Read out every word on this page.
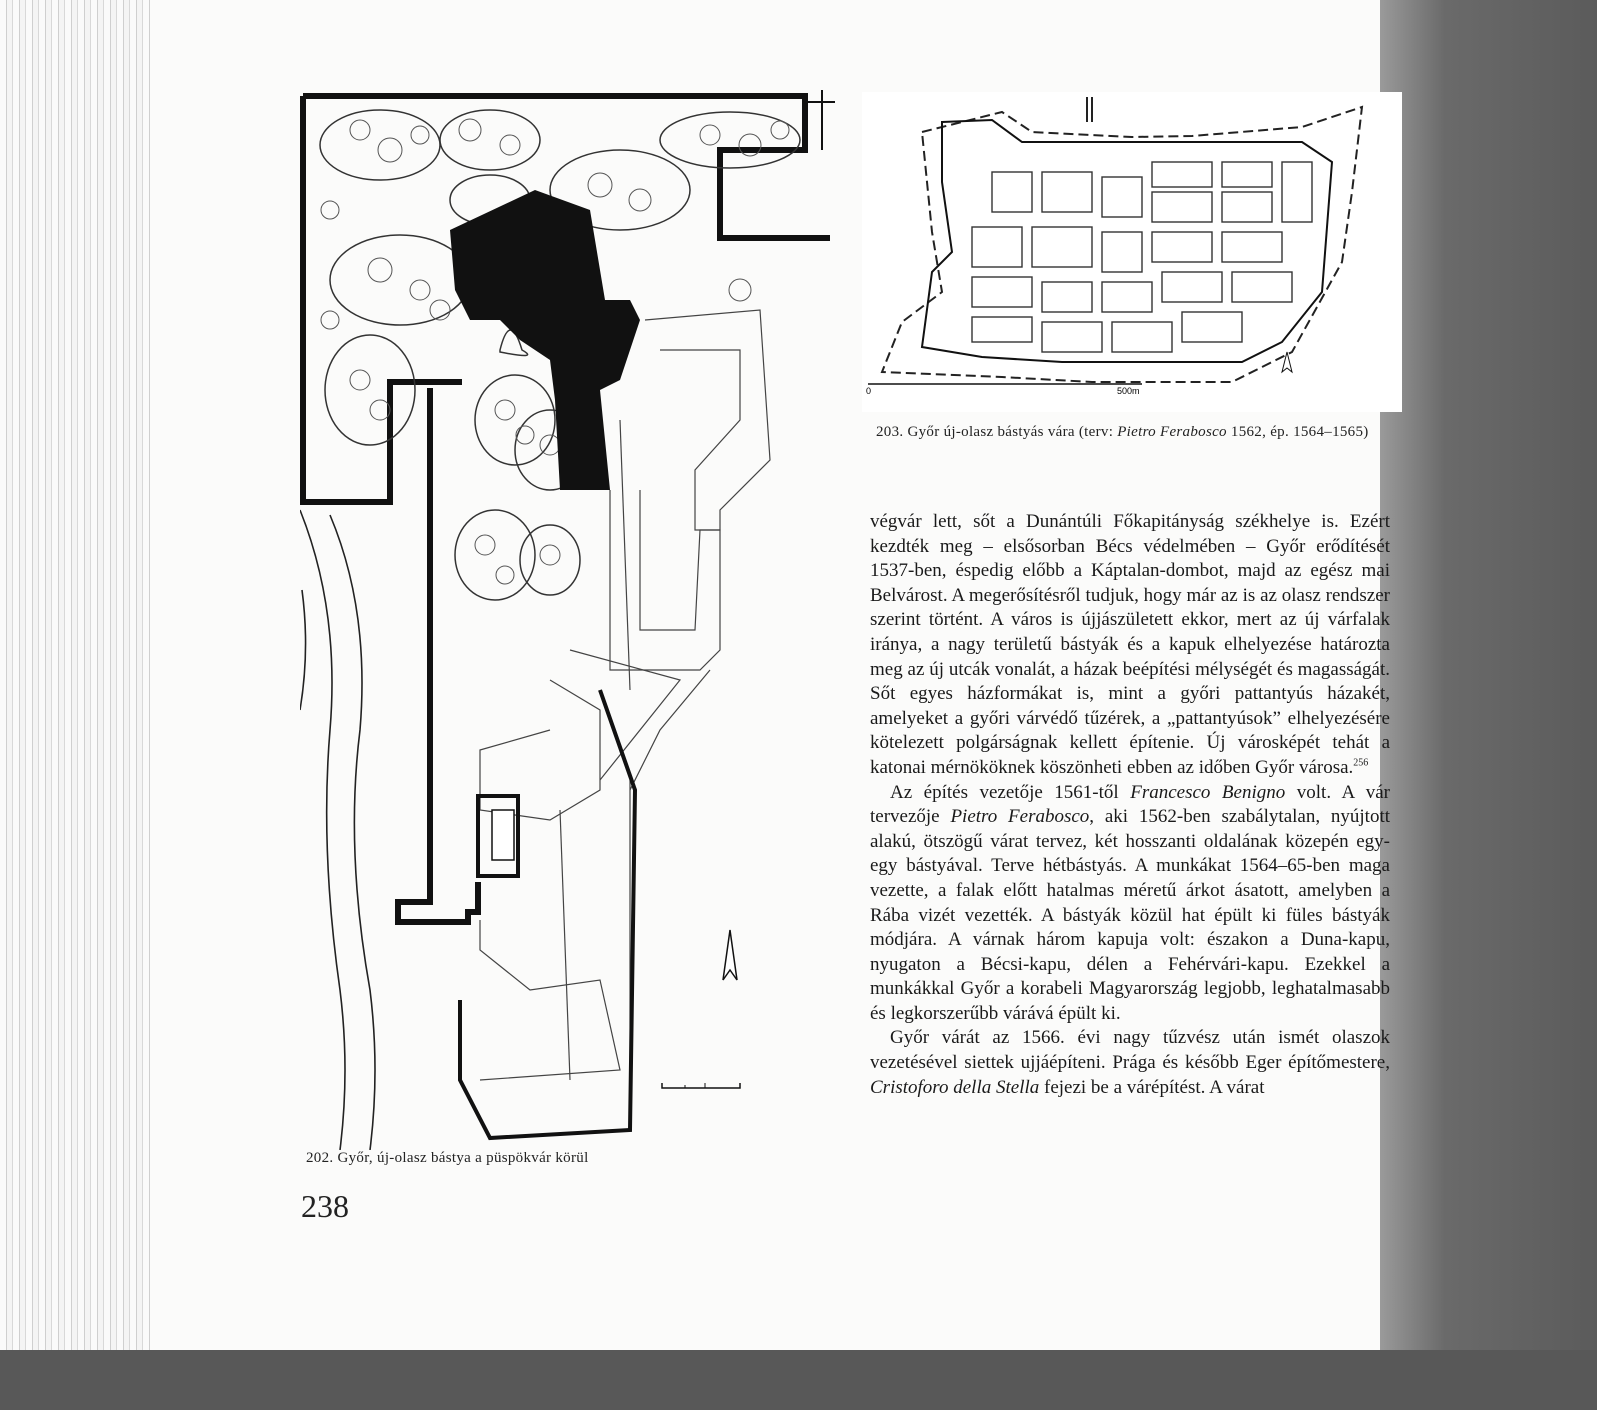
0	500m
202. Győr, új-olasz bástya a püspökvár körül
203. Győr új-olasz bástyás vára (terv: Pietro Ferabosco 1562, ép. 1564–1565)

végvár lett, sőt a Dunántúli Főkapitányság székhelye is. Ezért kezdték meg – elsősorban Bécs védelmében – Győr erődítését 1537-ben, éspedig előbb a Káptalan-dombot, majd az egész mai Belvárost. A megerősítésről tudjuk, hogy már az is az olasz rendszer szerint történt. A város is újjászületett ekkor, mert az új várfalak iránya, a nagy területű bástyák és a kapuk elhelyezése határozta meg az új utcák vonalát, a házak beépítési mélységét és magasságát. Sőt egyes házformákat is, mint a győri pattantyús házakét, amelyeket a győri várvédő tűzérek, a „pattantyúsok” elhelyezésére kötelezett polgárságnak kellett építenie. Új városképét tehát a katonai mérnököknek köszönheti ebben az időben Győr városa.$^{256}$

Az építés vezetője 1561-től Francesco Benigno volt. A vár tervezője Pietro Ferabosco, aki 1562-ben szabálytalan, nyújtott alakú, ötszögű várat tervez, két hosszanti oldalának közepén egy-egy bástyával. Terve hétbástyás. A munkákat 1564–65-ben maga vezette, a falak előtt hatalmas méretű árkot ásatott, amelyben a Rába vizét vezették. A bástyák közül hat épült ki füles bástyák módjára. A várnak három kapuja volt: északon a Duna-kapu, nyugaton a Bécsi-kapu, délen a Fehérvári-kapu. Ezekkel a munkákkal Győr a korabeli Magyarország legjobb, leghatalmasabb és legkorszerűbb várává épült ki.

Győr várát az 1566. évi nagy tűzvész után ismét olaszok vezetésével siettek ujjáépíteni. Prága és később Eger építőmestere, Cristoforo della Stella fejezi be a várépítést. A várat

238
